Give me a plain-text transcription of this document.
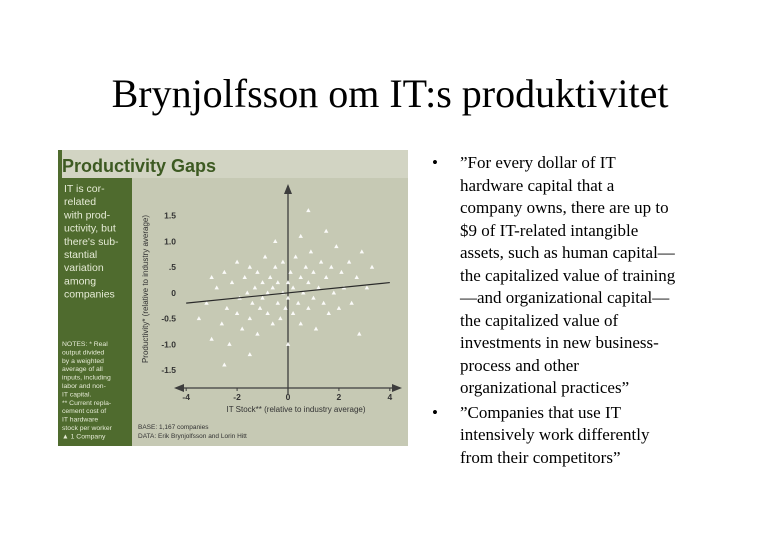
Brynjolfsson om IT:s produktivitet
Productivity Gaps
IT is cor-
related
with prod-
uctivity, but
there's sub-
stantial
variation
among
companies
NOTES: * Real
output divided
by a weighted
average of all
inputs, including
labor and non-
IT capital.
** Current repla-
cement cost of
IT hardware
stock per worker
▲ 1 Company
1.5
1.0
.5
0
-0.5
-1.0
-1.5
-4	-2	0	2	4
Productivity* (relative to industry average)
IT Stock** (relative to industry average)
BASE: 1,167 companies
DATA: Erik Brynjolfsson and Lorin Hitt
• ”For every dollar of IT
hardware capital that a
company owns, there are up to
$9 of IT-related intangible
assets, such as human capital—
the capitalized value of training
—and organizational capital—
the capitalized value of
investments in new business-
process and other
organizational practices”
• ”Companies that use IT
intensively work differently
from their competitors”
